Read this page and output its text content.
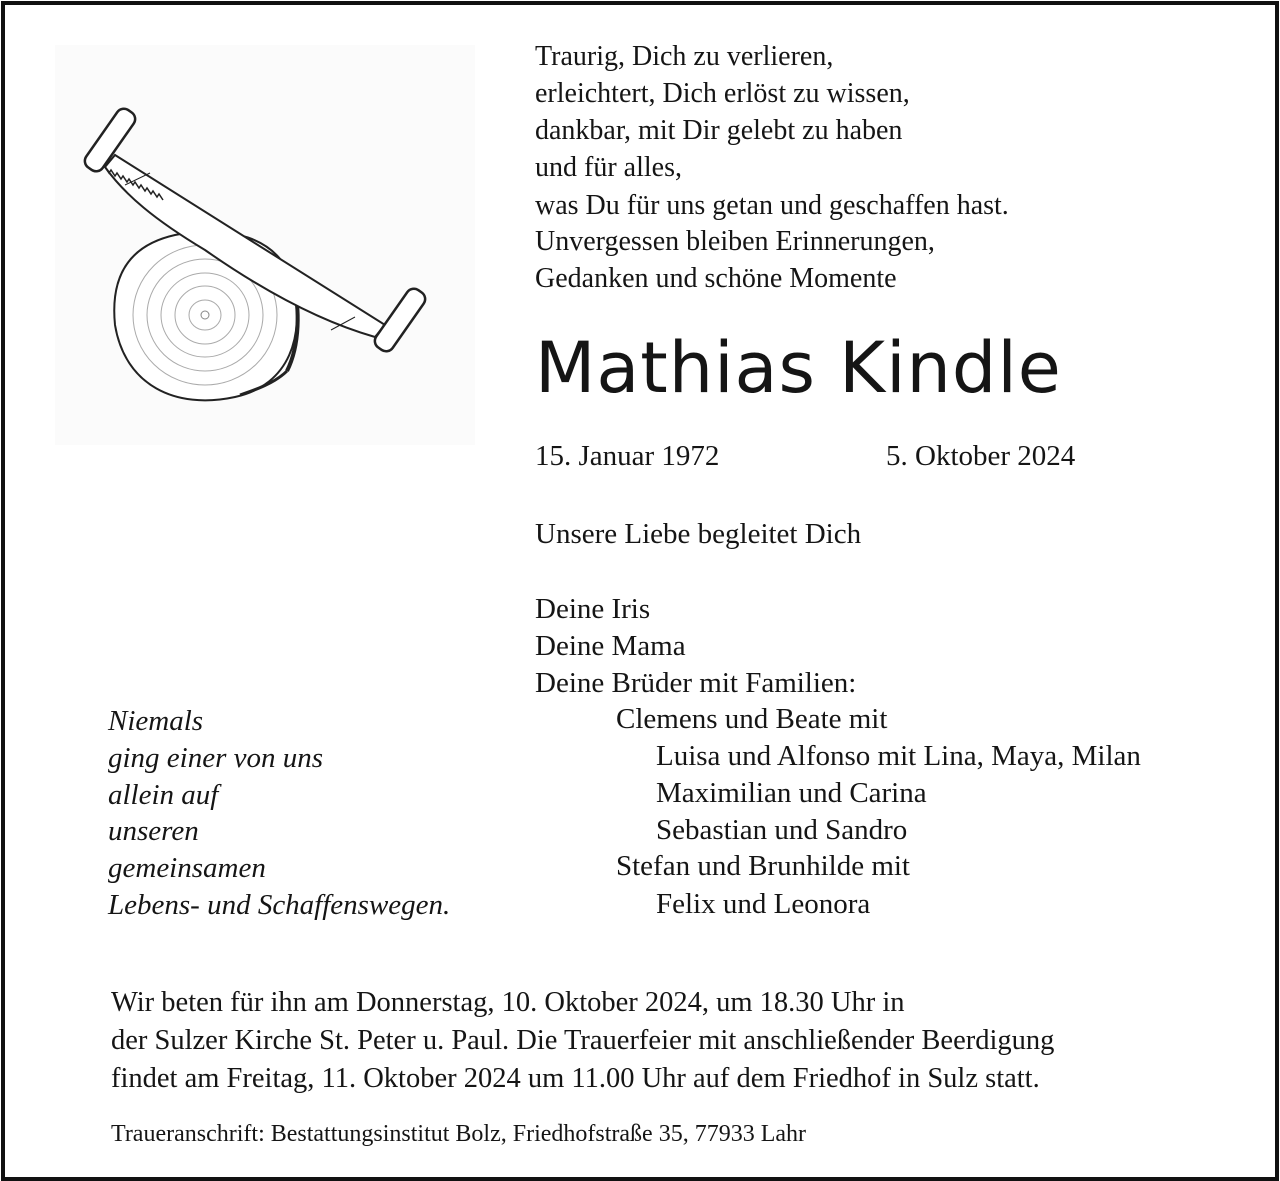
Traurig, Dich zu verlieren,
erleichtert, Dich erlöst zu wissen,
dankbar, mit Dir gelebt zu haben
und für alles,
was Du für uns getan und geschaffen hast.
Unvergessen bleiben Erinnerungen,
Gedanken und schöne Momente
Mathias Kindle
15. Januar 1972	5. Oktober 2024
Unsere Liebe begleitet Dich
Deine Iris
Deine Mama
Deine Brüder mit Familien:
Clemens und Beate mit
Luisa und Alfonso mit Lina, Maya, Milan
Maximilian und Carina
Sebastian und Sandro
Stefan und Brunhilde mit
Felix und Leonora
Niemals
ging einer von uns
allein auf
unseren
gemeinsamen
Lebens- und Schaffenswegen.
Wir beten für ihn am Donnerstag, 10. Oktober 2024, um 18.30 Uhr in
der Sulzer Kirche St. Peter u. Paul. Die Trauerfeier mit anschließender Beerdigung
findet am Freitag, 11. Oktober 2024 um 11.00 Uhr auf dem Friedhof in Sulz statt.
Traueranschrift: Bestattungsinstitut Bolz, Friedhofstraße 35, 77933 Lahr
